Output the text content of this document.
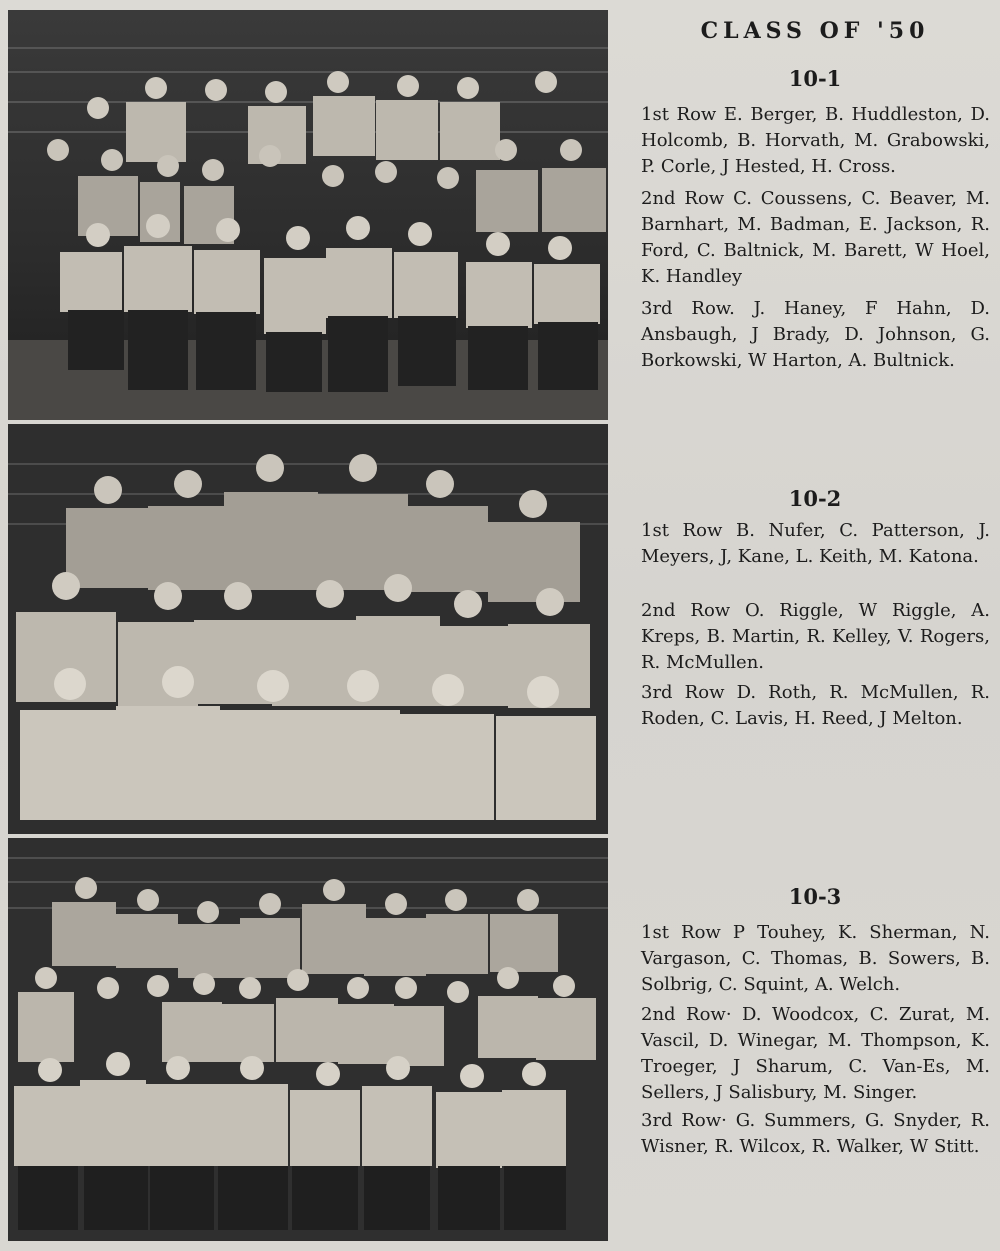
CLASS OF '50
10-1
1st Row E. Berger, B. Huddleston, D. Holcomb, B. Horvath, M. Grabowski, P. Corle, J Hested, H. Cross.
2nd Row C. Coussens, C. Beaver, M. Barnhart, M. Badman, E. Jackson, R. Ford, C. Baltnick, M. Barett, W Hoel, K. Handley
3rd Row. J. Haney, F Hahn, D. Ansbaugh, J Brady, D. Johnson, G. Borkowski, W Harton, A. Bultnick.
10-2
1st Row B. Nufer, C. Patterson, J. Meyers, J, Kane, L. Keith, M. Katona.
2nd Row O. Riggle, W Riggle, A. Kreps, B. Martin, R. Kelley, V. Rogers, R. McMullen.
3rd Row D. Roth, R. McMullen, R. Roden, C. Lavis, H. Reed, J Melton.
10-3
1st Row P Touhey, K. Sherman, N. Vargason, C. Thomas, B. Sowers, B. Solbrig, C. Squint, A. Welch.
2nd Row· D. Woodcox, C. Zurat, M. Vascil, D. Winegar, M. Thompson, K. Troeger, J Sharum, C. Van-Es, M. Sellers, J Salisbury, M. Singer.
3rd Row· G. Summers, G. Snyder, R. Wisner, R. Wilcox, R. Walker, W Stitt.
